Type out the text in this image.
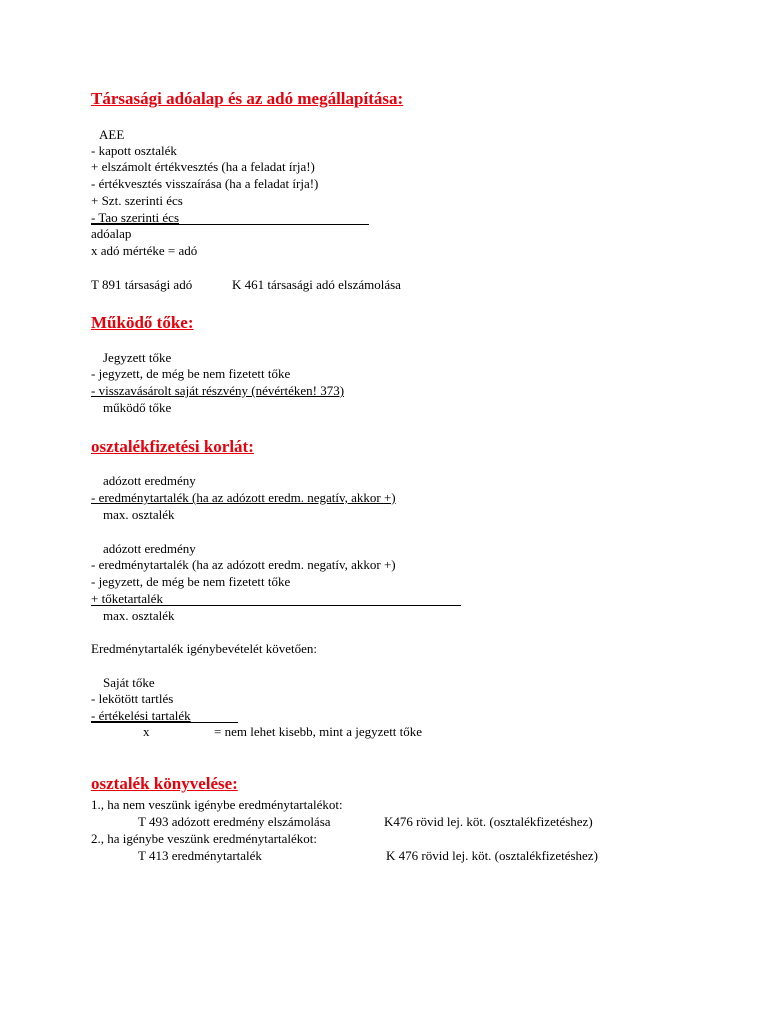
Társasági adóalap és az adó megállapítása:
AEE
- kapott osztalék
+ elszámolt értékvesztés (ha a feladat írja!)
- értékvesztés visszaírása (ha a feladat írja!)
+ Szt. szerinti écs
- Tao szerinti écs
adóalap
x adó mértéke = adó
T 891 társasági adó	K 461 társasági adó elszámolása
Működő tőke:
Jegyzett tőke
- jegyzett, de még be nem fizetett tőke
- visszavásárolt saját részvény (névértéken! 373)
működő tőke
osztalékfizetési korlát:
adózott eredmény
- eredménytartalék (ha az adózott eredm. negatív, akkor +)
max. osztalék
adózott eredmény
- eredménytartalék (ha az adózott eredm. negatív, akkor +)
- jegyzett, de még be nem fizetett tőke
+ tőketartalék
max. osztalék
Eredménytartalék igénybevételét követően:
Saját tőke
- lekötött tartlés
- értékelési tartalék
x	= nem lehet kisebb, mint a jegyzett tőke
osztalék könyvelése:
1., ha nem veszünk igénybe eredménytartalékot:
T 493 adózott eredmény elszámolása	K476 rövid lej. köt. (osztalékfizetéshez)
2., ha igénybe veszünk eredménytartalékot:
T 413 eredménytartalék	K 476 rövid lej. köt. (osztalékfizetéshez)
